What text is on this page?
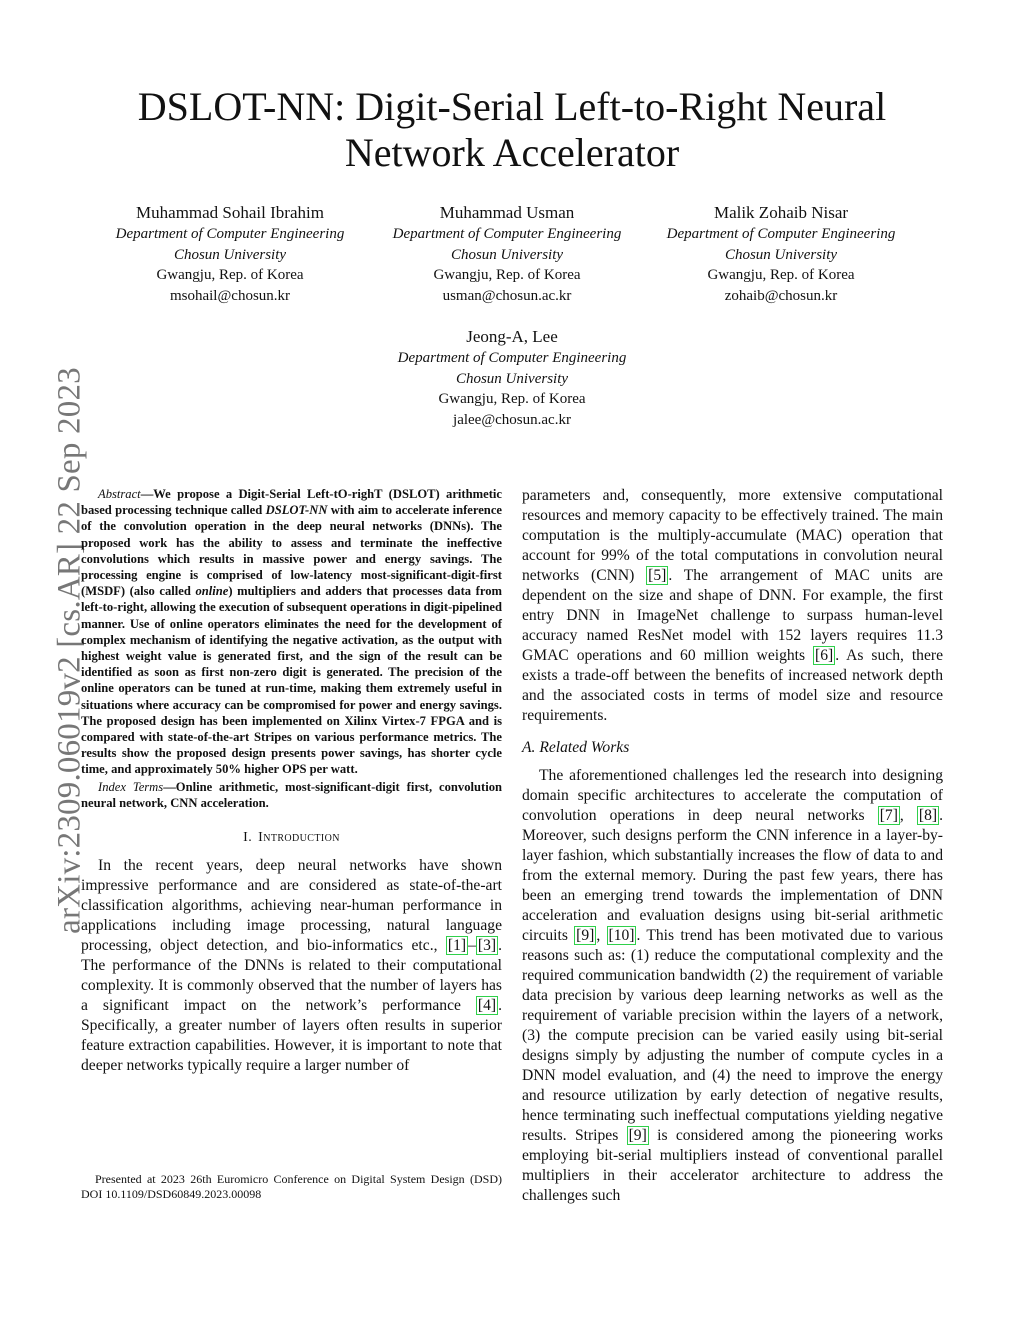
arXiv:2309.06019v2 [cs.AR] 22 Sep 2023
DSLOT-NN: Digit-Serial Left-to-Right Neural
Network Accelerator
Muhammad Sohail Ibrahim
Department of Computer Engineering
Chosun University
Gwangju, Rep. of Korea
msohail@chosun.kr
Muhammad Usman
Department of Computer Engineering
Chosun University
Gwangju, Rep. of Korea
usman@chosun.ac.kr
Malik Zohaib Nisar
Department of Computer Engineering
Chosun University
Gwangju, Rep. of Korea
zohaib@chosun.kr
Jeong-A, Lee
Department of Computer Engineering
Chosun University
Gwangju, Rep. of Korea
jalee@chosun.ac.kr

Abstract—We propose a Digit-Serial Left-tO-righT (DSLOT) arithmetic based processing technique called DSLOT-NN with aim to accelerate inference of the convolution operation in the deep neural networks (DNNs). The proposed work has the ability to assess and terminate the ineffective convolutions which results in massive power and energy savings. The processing engine is comprised of low-latency most-significant-digit-first (MSDF) (also called online) multipliers and adders that processes data from left-to-right, allowing the execution of subsequent operations in digit-pipelined manner. Use of online operators eliminates the need for the development of complex mechanism of identifying the negative activation, as the output with highest weight value is generated first, and the sign of the result can be identified as soon as first non-zero digit is generated. The precision of the online operators can be tuned at run-time, making them extremely useful in situations where accuracy can be compromised for power and energy savings. The proposed design has been implemented on Xilinx Virtex-7 FPGA and is compared with state-of-the-art Stripes on various performance metrics. The results show the proposed design presents power savings, has shorter cycle time, and approximately 50% higher OPS per watt.

Index Terms—Online arithmetic, most-significant-digit first, convolution neural network, CNN acceleration.

I. Introduction

In the recent years, deep neural networks have shown impressive performance and are considered as state-of-the-art classification algorithms, achieving near-human performance in applications including image processing, natural language processing, object detection, and bio-informatics etc., [1] – [3] . The performance of the DNNs is related to their computational complexity. It is commonly observed that the number of layers has a significant impact on the network’s performance [4] . Specifically, a greater number of layers often results in superior feature extraction capabilities. However, it is important to note that deeper networks typically require a larger number of

Presented at 2023 26th Euromicro Conference on Digital System Design (DSD) DOI 10.1109/DSD60849.2023.00098

parameters and, consequently, more extensive computational resources and memory capacity to be effectively trained. The main computation is the multiply-accumulate (MAC) operation that account for 99% of the total computations in convolution neural networks (CNN) [5] . The arrangement of MAC units are dependent on the size and shape of DNN. For example, the first entry DNN in ImageNet challenge to surpass human-level accuracy named ResNet model with 152 layers requires 11.3 GMAC operations and 60 million weights [6] . As such, there exists a trade-off between the benefits of increased network depth and the associated costs in terms of model size and resource requirements.

A. Related Works

The aforementioned challenges led the research into designing domain specific architectures to accelerate the computation of convolution operations in deep neural networks [7] , [8] . Moreover, such designs perform the CNN inference in a layer-by-layer fashion, which substantially increases the flow of data to and from the external memory. During the past few years, there has been an emerging trend towards the implementation of DNN acceleration and evaluation designs using bit-serial arithmetic circuits [9] , [10] . This trend has been motivated due to various reasons such as: (1) reduce the computational complexity and the required communication bandwidth (2) the requirement of variable data precision by various deep learning networks as well as the requirement of variable precision within the layers of a network, (3) the compute precision can be varied easily using bit-serial designs simply by adjusting the number of compute cycles in a DNN model evaluation, and (4) the need to improve the energy and resource utilization by early detection of negative results, hence terminating such ineffectual computations yielding negative results. Stripes [9] is considered among the pioneering works employing bit-serial multipliers instead of conventional parallel multipliers in their accelerator architecture to address the challenges such
